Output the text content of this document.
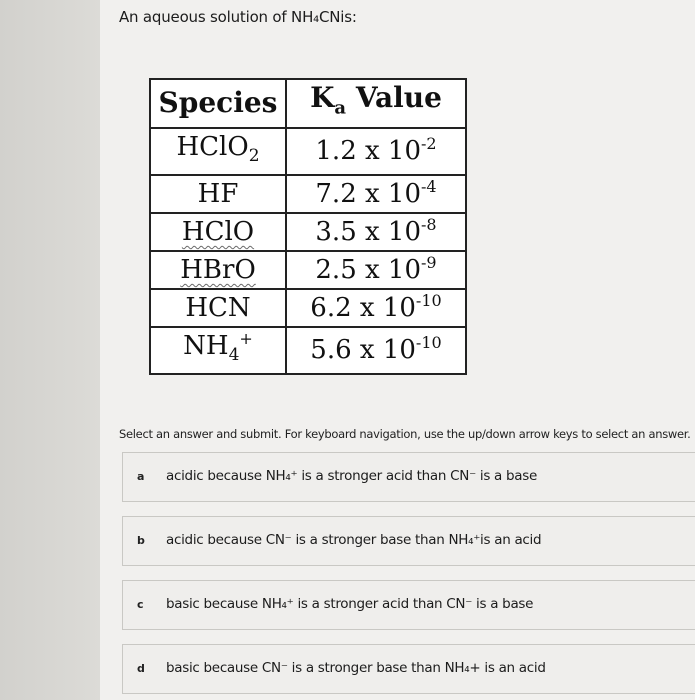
An aqueous solution of NH₄CNis:
Species	$K_a$ Value
HClO$_2$	1.2 x $10^{-2}$
HF	7.2 x $10^{-4}$
HClO	3.5 x $10^{-8}$
HBrO	2.5 x $10^{-9}$
HCN	6.2 x $10^{-10}$
$NH_4^+$	5.6 x $10^{-10}$
Select an answer and submit. For keyboard navigation, use the up/down arrow keys to select an answer.
a acidic because NH₄⁺ is a stronger acid than CN⁻ is a base
b acidic because CN⁻ is a stronger base than NH₄⁺is an acid
c basic because NH₄⁺ is a stronger acid than CN⁻ is a base
d basic because CN⁻ is a stronger base than NH₄+ is an acid
